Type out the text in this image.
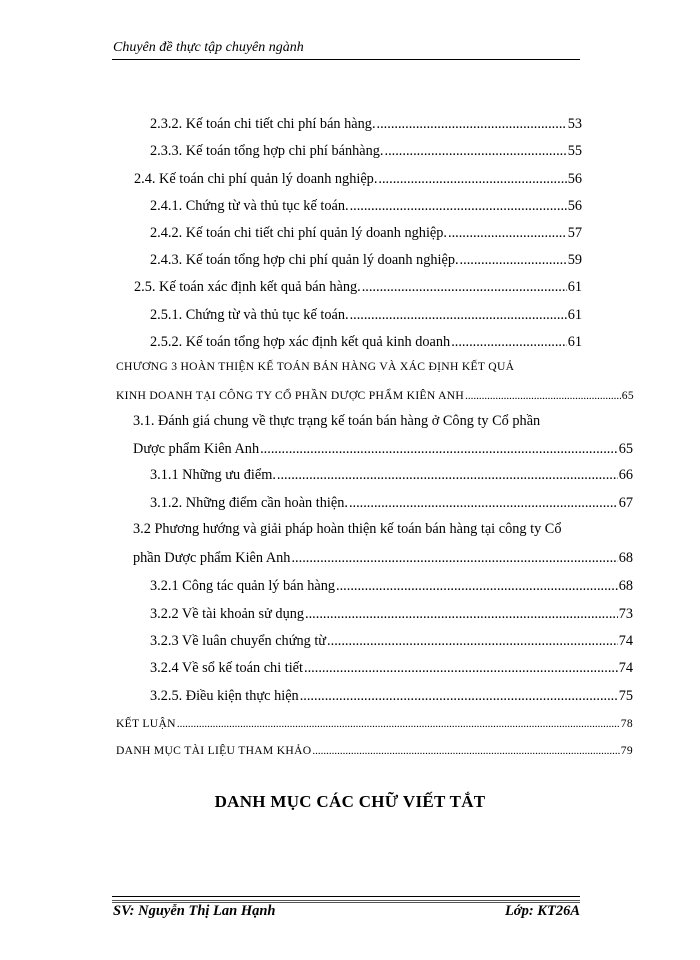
Chuyên đề thực tập chuyên ngành
2.3.2. Kế toán chi tiết chi phí bán hàng. .....	53
2.3.3. Kế toán tổng hợp chi phí bánhàng. .....	55
2.4. Kế toán chi phí quản lý doanh nghiệp. .....	56
2.4.1. Chứng từ và thủ tục kế toán. .....	56
2.4.2. Kế toán chi tiết chi phí quản lý doanh nghiệp. .....	57
2.4.3. Kế toán tổng hợp chi phí quản lý doanh nghiệp. .....	59
2.5. Kế toán xác định kết quả bán hàng. .....	61
2.5.1. Chứng từ và thủ tục kế toán. .....	61
2.5.2. Kế toán tổng hợp xác định kết quả kinh doanh .....	61
CHƯƠNG 3 HOÀN THIỆN KẾ TOÁN BÁN HÀNG VÀ XÁC ĐỊNH KẾT QUẢ
KINH DOANH TẠI CÔNG TY CỔ PHẦN DƯỢC PHẨM KIÊN ANH .....	65
3.1. Đánh giá chung về thực trạng kế toán bán hàng ở Công ty Cổ phần
Dược phẩm Kiên Anh .....	65
3.1.1 Những ưu điểm. .....	66
3.1.2. Những điểm cần hoàn thiện. .....	67
3.2 Phương hướng và giải pháp hoàn thiện kế toán bán hàng tại công ty Cổ
phần Dược phẩm Kiên Anh .....	68
3.2.1 Công tác quản lý bán hàng .....	68
3.2.2 Về tài khoản sử dụng .....	73
3.2.3 Về luân chuyển chứng từ .....	74
3.2.4 Về sổ kế toán chi tiết .....	74
3.2.5. Điều kiện thực hiện .....	75
KẾT LUẬN .....	78
DANH MỤC TÀI LIỆU THAM KHẢO .....	79
DANH MỤC CÁC CHỮ VIẾT TẮT
SV: Nguyễn Thị Lan Hạnh	Lớp: KT26A
